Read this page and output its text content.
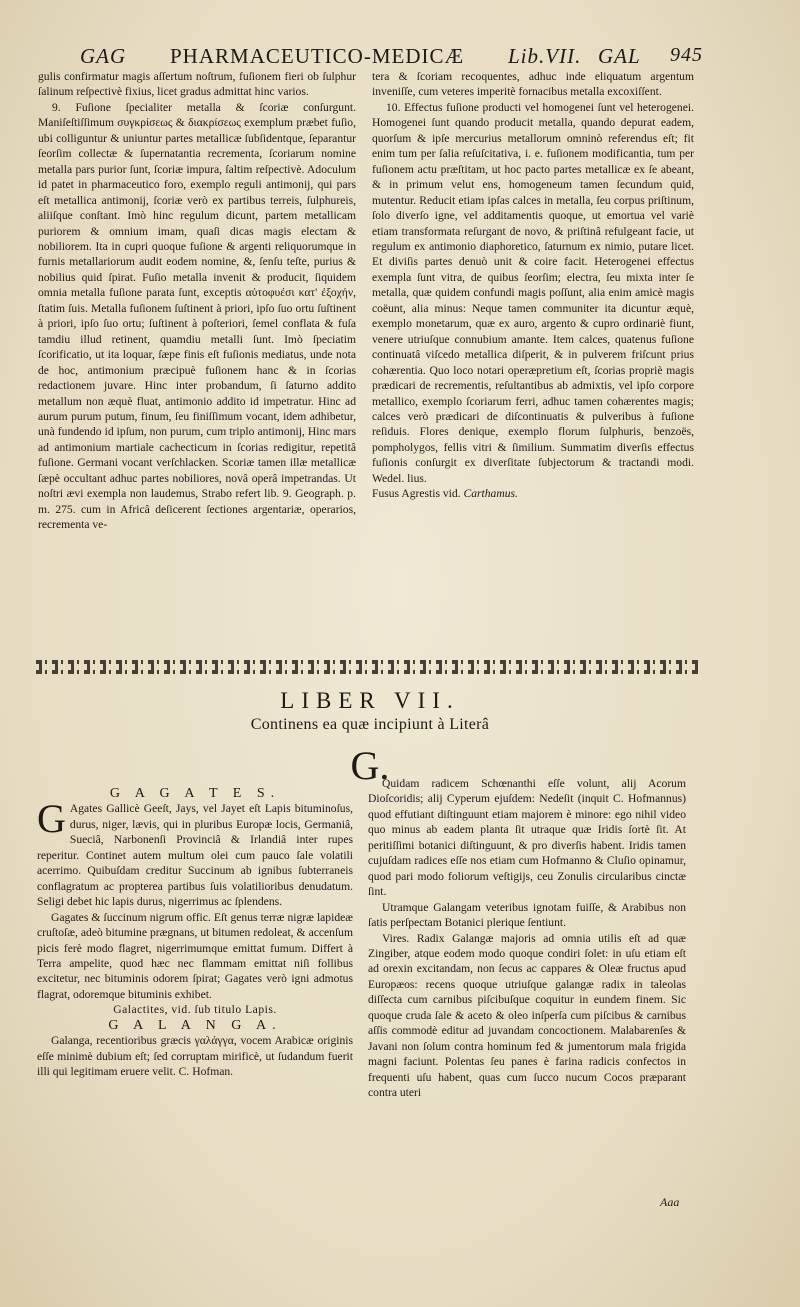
GAG PHARMACEUTICO-MEDICÆ Lib.VII. GAL 945

gulis confirmatur magis aſſertum noſtrum, fuſionem fieri ob ſulphur ſalinum reſpectivè fixius, licet gradus admittat hinc varios.

9. Fuſione ſpecialiter metalla & ſcoriæ conſurgunt. Maniſeſtiſſimum συγκρίσεως & διακρίσεως exemplum præbet fuſio, ubi colliguntur & uniuntur partes metallicæ ſubſidentque, ſeparantur ſeorſim collectæ & ſupernatantia recrementa, ſcoriarum nomine metalla pars purior ſunt, ſcoriæ impura, ſaltim reſpectivè. Adoculum id patet in pharmaceutico foro, exemplo reguli antimonij, qui pars eſt metallica antimonij, ſcoriæ verò ex partibus terreis, ſulphureis, aliiſque conſtant. Imò hinc regulum dicunt, partem metallicam puriorem & omnium imam, quaſi dicas magis electam & nobiliorem. Ita in cupri quoque fuſione & argenti reliquorumque in furnis metallariorum audit eodem nomine, &, ſenſu teſte, purius & nobilius quid ſpirat. Fuſio metalla invenit & producit, ſiquidem omnia metalla fuſione parata ſunt, exceptis αὐτοφυέσι κατ' ἐξοχήν, ſtatim ſuis. Metalla fuſionem ſuſtinent à priori, ipſo ſuo ortu ſuſtinent à priori, ipſo ſuo ortu; ſuſtinent à poſteriori, ſemel conflata & fuſa tamdiu illud retinent, quamdiu metalli ſunt. Imò ſpeciatim ſcorificatio, ut ita loquar, ſæpe finis eſt fuſionis mediatus, unde nota de hoc, antimonium præcipuè fuſionem hanc & in ſcorias redactionem juvare. Hinc inter probandum, ſi ſaturno addito metallum non æquè fluat, antimonio addito id impetratur. Hinc ad aurum purum putum, finum, ſeu finiſſimum vocant, idem adhibetur, unà fundendo id ipſum, non purum, cum triplo antimonij, Hinc mars ad antimonium martiale cachecticum in ſcorias redigitur, repetitâ fuſione. Germani vocant verſchlacken. Scoriæ tamen illæ metallicæ ſæpè occultant adhuc partes nobiliores, novâ operâ impetrandas. Ut noſtri ævi exempla non laudemus, Strabo refert lib. 9. Geograph. p. m. 275. cum in Africâ deſicerent ſectiones argentariæ, operarios, recrementa ve-

tera & ſcoriam recoquentes, adhuc inde eliquatum argentum inveniſſe, cum veteres imperitè fornacibus metalla excoxiſſent.

10. Effectus fuſione producti vel homogenei ſunt vel heterogenei. Homogenei ſunt quando producit metalla, quando depurat eadem, quorſum & ipſe mercurius metallorum omninò referendus eſt; fit enim tum per ſalia reſuſcitativa, i. e. fuſionem modificantia, tum per fuſionem actu præſtitam, ut hoc pacto partes metallicæ ex ſe abeant, & in primum velut ens, homogeneum tamen ſecundum quid, mutentur. Reducit etiam ipſas calces in metalla, ſeu corpus priſtinum, ſolo diverſo igne, vel additamentis quoque, ut emortua vel variè etiam transformata reſurgant de novo, & priſtinâ refulgeant facie, ut regulum ex antimonio diaphoretico, ſaturnum ex nimio, putare licet. Et diviſis partes denuò unit & coire facit. Heterogenei effectus exempla ſunt vitra, de quibus ſeorſim; electra, ſeu mixta inter ſe metalla, quæ quidem confundi magis poſſunt, alia enim amicè magis coëunt, alia minus: Neque tamen communiter ita dicuntur æquè, exemplo monetarum, quæ ex auro, argento & cupro ordinariè fiunt, venere utriuſque connubium amante. Item calces, quatenus fuſione continuatâ viſcedo metallica diſperit, & in pulverem friſcunt prius cohærentia. Quo loco notari operæpretium eſt, ſcorias propriè magis prædicari de recrementis, reſultantibus ab admixtis, vel ipſo corpore metallico, exemplo ſcoriarum ferri, adhuc tamen cohærentes magis; calces verò prædicari de diſcontinuatis & pulveribus à fuſione reſiduis. Flores denique, exemplo florum ſulphuris, benzoës, pompholygos, fellis vitri & ſimilium. Summatim diverſis effectus fuſionis conſurgit ex diverſitate ſubjectorum & tractandi modi. Wedel. lius.

Fusus Agrestis vid. Carthamus.

LIBER VII.
Continens ea quæ incipiunt à Literâ
G.

G A G A T E S.

G Agates Gallicè Geeſt, Jays, vel Jayet eſt Lapis bituminoſus, durus, niger, lævis, qui in pluribus Europæ locis, Germaniâ, Sueciâ, Narbonenſi Provinciâ & Irlandiâ inter rupes reperitur. Continet autem multum olei cum pauco ſale volatili acerrimo. Quibuſdam creditur Succinum ab ignibus ſubterraneis conflagratum ac propterea partibus ſuis volatilioribus denudatum. Seligi debet hic lapis durus, nigerrimus ac ſplendens.

Gagates & ſuccinum nigrum offic. Eſt genus terræ nigræ lapideæ cruſtoſæ, adeò bitumine prægnans, ut bitumen redoleat, & accenſum picis ferè modo flagret, nigerrimumque emittat fumum. Differt à Terra ampelite, quod hæc nec flammam emittat niſi follibus excitetur, nec bituminis odorem ſpirat; Gagates verò igni admotus flagrat, odoremque bituminis exhibet.

Galactites, vid. ſub titulo Lapis.

G A L A N G A.

Galanga, recentioribus græcis γαλάγγα, vocem Arabicæ originis eſſe minimè dubium eſt; ſed corruptam mirificè, ut ſudandum fuerit illi qui legitimam eruere velit. C. Hofman.

Quidam radicem Schœnanthi eſſe volunt, alij Acorum Dioſcoridis; alij Cyperum ejuſdem: Nedeſit (inquit C. Hofmannus) quod effutiant diſtinguunt etiam majorem è minore: ego nihil video quo minus ab eadem planta ſit utraque quæ Iridis ſortè ſit. At peritiſſimi botanici diſtinguunt, & pro diverſis habent. Iridis tamen cujuſdam radices eſſe nos etiam cum Hofmanno & Cluſio opinamur, quod pari modo foliorum veſtigijs, ceu Zonulis circularibus cinctæ ſint.

Utramque Galangam veteribus ignotam fuiſſe, & Arabibus non ſatis perſpectam Botanici plerique ſentiunt.

Vires. Radix Galangæ majoris ad omnia utilis eſt ad quæ Zingiber, atque eodem modo quoque condiri ſolet: in uſu etiam eſt ad orexin excitandam, non ſecus ac cappares & Oleæ fructus apud Europæos: recens quoque utriuſque galangæ radix in taleolas diſſecta cum carnibus piſcibuſque coquitur in eundem finem. Sic quoque cruda ſale & aceto & oleo inſperſa cum piſcibus & carnibus aſſis commodè editur ad juvandam concoctionem. Malabarenſes & Javani non ſolum contra hominum fed & jumentorum mala frigida magni faciunt. Polentas ſeu panes è farina radicis confectos in frequenti uſu habent, quas cum ſucco nucum Cocos præparant contra uteri

Aaa
